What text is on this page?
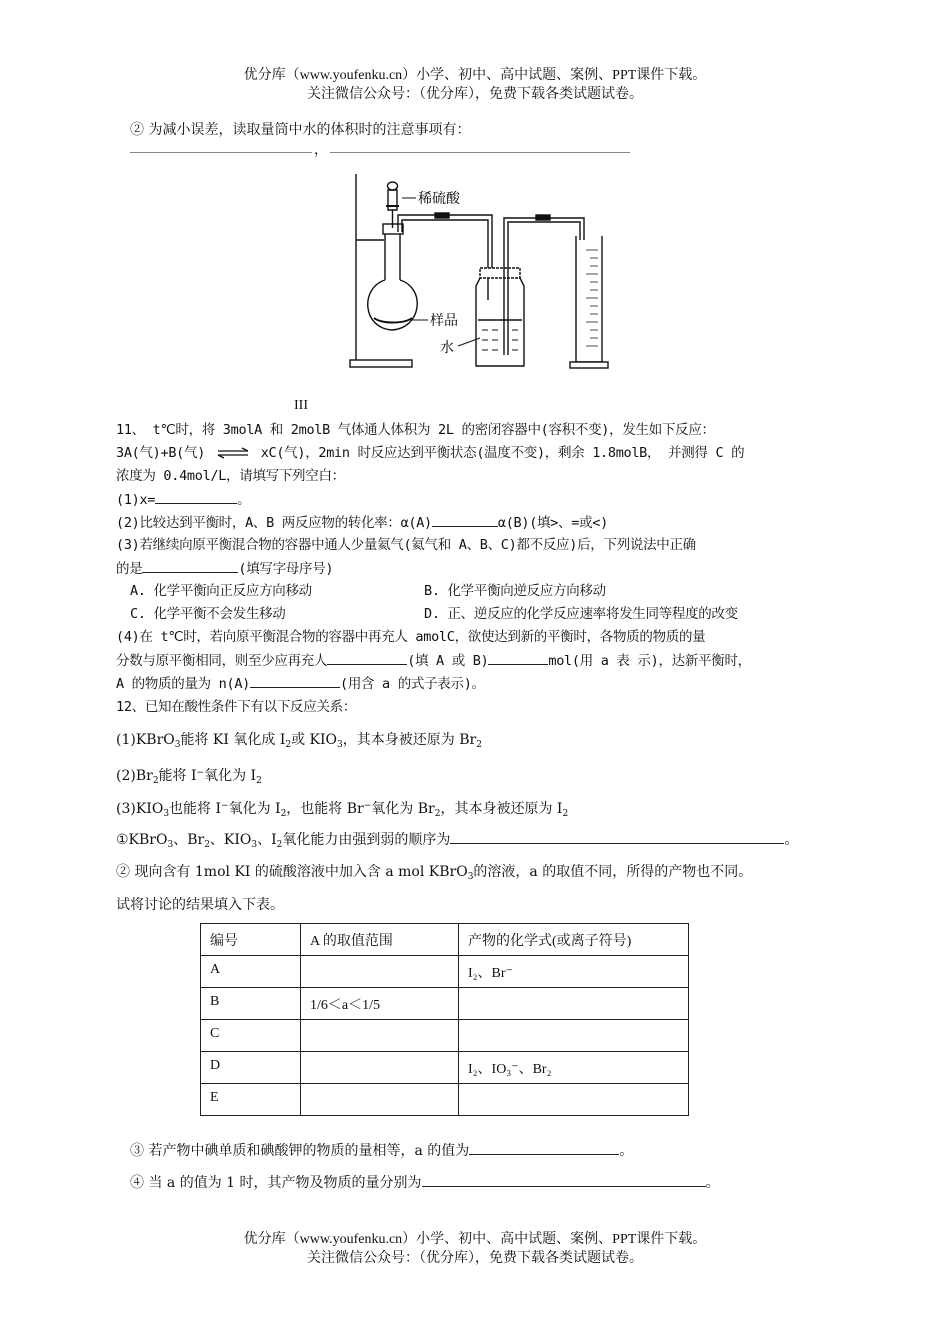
优分库（www.youfenku.cn）小学、初中、高中试题、案例、PPT课件下载。
关注微信公众号：（优分库），免费下载各类试题试卷。
② 为减小误差，读取量筒中水的体积时的注意事项有：
，
稀硫酸
样品
水
III
11、 t℃时，将 3molA 和 2molB 气体通人体积为 2L 的密闭容器中(容积不变)，发生如下反应：
3A(气)+B(气) ⇌ xC(气)，2min 时反应达到平衡状态(温度不变)，剩余 1.8molB， 并测得 C 的
浓度为 0.4mol/L，请填写下列空白：
(1)x=	。
(2)比较达到平衡时，A、B 两反应物的转化率：α(A)	α(B)(填>、=或<)
(3)若继续向原平衡混合物的容器中通人少量氦气(氦气和 A、B、C)都不反应)后，下列说法中正确
的是	(填写字母序号)
A. 化学平衡向正反应方向移动	B. 化学平衡向逆反应方向移动
C. 化学平衡不会发生移动	D. 正、逆反应的化学反应速率将发生同等程度的改变
(4)在 t℃时，若向原平衡混合物的容器中再充人 amolC，欲使达到新的平衡时，各物质的物质的量
分数与原平衡相同，则至少应再充人	(填 A 或 B)	mol(用 a 表 示)，达新平衡时，
A 的物质的量为 n(A)	(用含 a 的式子表示)。
12、已知在酸性条件下有以下反应关系：
(1)KBrO$_3$能将 KI 氧化成 $I_2$或 $KIO_3$，其本身被还原为 $Br_2$
$(2)Br_2$能将 I−氧化为 $I_2$
$(3)KIO_3$也能将 I−氧化为 $I_2$，也能将 Br−氧化为 $Br_2$，其本身被还原为 $I_2$
①KBrO$_3$、$Br_2$、$KIO_3$、$I_2$氧化能力由强到弱的顺序为	。
② 现向含有 1mol KI 的硫酸溶液中加入含 a mol KBrO$_3$的溶液，a 的取值不同，所得的产物也不同。
试将讨论的结果填入下表。
编号	A 的取值范围	产物的化学式(或离子符号)
A		I₂、Br⁻
B	1/6＜a＜1/5	
C		
D		I₂、IO₃⁻、Br₂
E		
③ 若产物中碘单质和碘酸钾的物质的量相等，a 的值为	。
④ 当 a 的值为 1 时，其产物及物质的量分别为	。
优分库（www.youfenku.cn）小学、初中、高中试题、案例、PPT课件下载。
关注微信公众号：（优分库），免费下载各类试题试卷。
